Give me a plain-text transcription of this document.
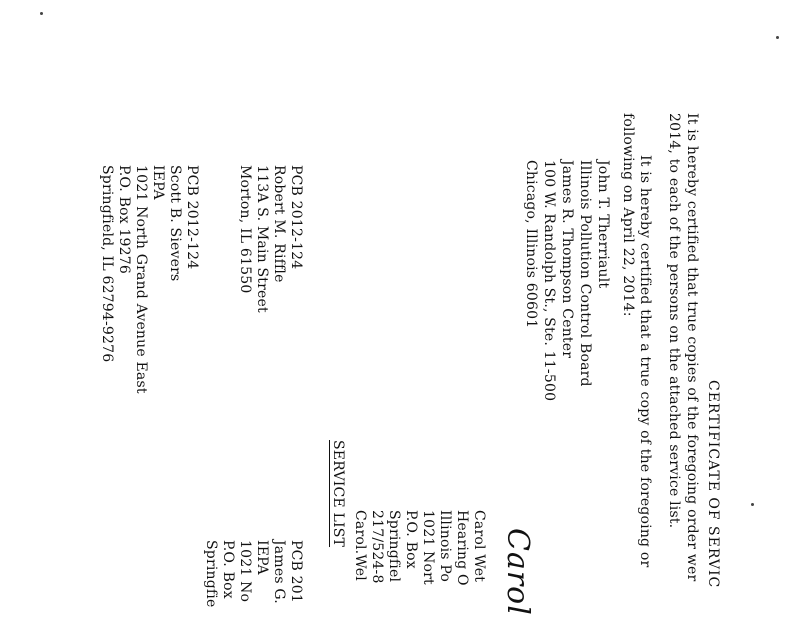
CERTIFICATE OF SERVIC
It is hereby certified that true copies of the foregoing order wer
2014, to each of the persons on the attached service list.
It is hereby certified that a true copy of the foregoing or
following on April 22, 2014:
John T. Therriault
Illinois Pollution Control Board
James R. Thompson Center
100 W. Randolph St., Ste. 11-500
Chicago, Illinois 60601
Carol
Carol Wet
Hearing O
Illinois Po
1021 Nort
P.O. Box
Springfiel
217/524-8
Carol.Wel
SERVICE LIST
PCB 2012-124
Robert M. Riffle
113A S. Main Street
Morton, IL 61550
PCB 2012-124
Scott B. Sievers
IEPA
1021 North Grand Avenue East
P.O. Box 19276
Springfield, IL 62794-9276
PCB 201
James G.
IEPA
1021 No
P.O. Box
Springfie
